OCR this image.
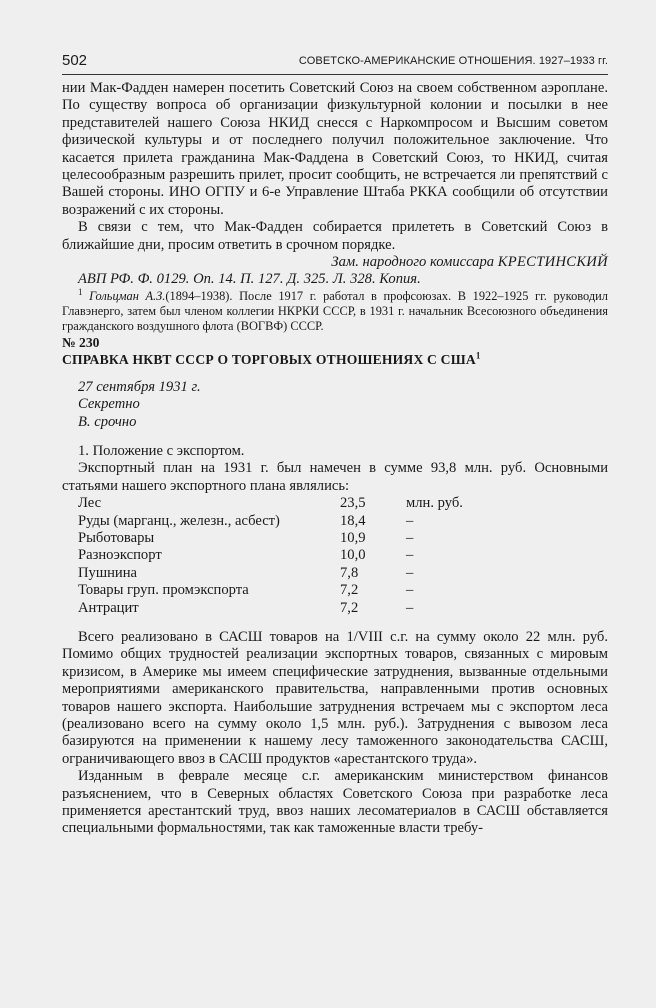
502	СОВЕТСКО-АМЕРИКАНСКИЕ ОТНОШЕНИЯ. 1927–1933 гг.

нии Мак-Фадден намерен посетить Советский Союз на своем собственном аэроплане. По существу вопроса об организации физкультурной колонии и посылки в нее представителей нашего Союза НКИД снесся с Наркомпросом и Высшим советом физической культуры и от последнего получил положительное заключение. Что касается прилета гражданина Мак-Фаддена в Советский Союз, то НКИД, считая целесообразным разрешить прилет, просит сообщить, не встречается ли препятствий с Вашей стороны. ИНО ОГПУ и 6-е Управление Штаба РККА сообщили об отсутствии возражений с их стороны.

В связи с тем, что Мак-Фадден собирается прилететь в Советский Союз в ближайшие дни, просим ответить в срочном порядке.

Зам. народного комиссара КРЕСТИНСКИЙ

АВП РФ. Ф. 0129. Оп. 14. П. 127. Д. 325. Л. 328. Копия.

$^1$ Гольцман А.З.(1894–1938). После 1917 г. работал в профсоюзах. В 1922–1925 гг. руководил Главэнерго, затем был членом коллегии НКРКИ СССР, в 1931 г. начальник Всесоюзного объединения гражданского воздушного флота (ВОГВФ) СССР.

№ 230

СПРАВКА НКВТ СССР О ТОРГОВЫХ ОТНОШЕНИЯХ С США$^1$

27 сентября 1931 г.
Секретно
В. срочно

1. Положение с экспортом.

Экспортный план на 1931 г. был намечен в сумме 93,8 млн. руб. Основными статьями нашего экспортного плана являлись:

Лес	23,5	млн. руб.
Руды (марганц., железн., асбест)	18,4	–
Рыботовары	10,9	–
Разноэкспорт	10,0	–
Пушнина	7,8	–
Товары груп. промэкспорта	7,2	–
Антрацит	7,2	–

Всего реализовано в САСШ товаров на 1/VIII с.г. на сумму около 22 млн. руб. Помимо общих трудностей реализации экспортных товаров, связанных с мировым кризисом, в Америке мы имеем специфические затруднения, вызванные отдельными мероприятиями американского правительства, направленными против основных товаров нашего экспорта. Наибольшие затруднения встречаем мы с экспортом леса (реализовано всего на сумму около 1,5 млн. руб.). Затруднения с вывозом леса базируются на применении к нашему лесу таможенного законодательства САСШ, ограничивающего ввоз в САСШ продуктов «арестантского труда».

Изданным в феврале месяце с.г. американским министерством финансов разъяснением, что в Северных областях Советского Союза при разработке леса применяется арестантский труд, ввоз наших лесоматериалов в САСШ обставляется специальными формальностями, так как таможенные власти требу-
